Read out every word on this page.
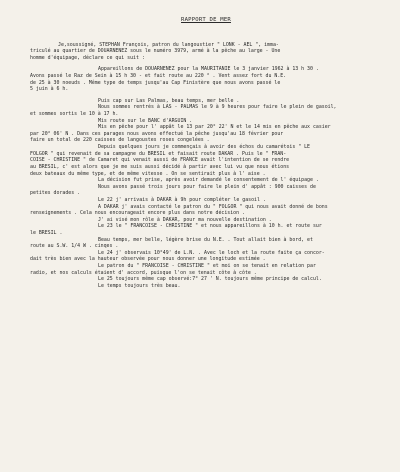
RAPPORT DE MER
Je,soussigné, STEPHAN François, patron du langoustier " LONK - AEL ", imma-
triculé au quartier de DOUARNENEZ sous le numéro 3979, armé à la pêche au large - Une
homme d'équipage, déclare ce qui suit :
Appareillons de DOUARNENEZ pour la MAURITANIE le 3 janvier 1962 à 13 h 30 .
Avons passé le Raz de Sein à 15 h 30 - et fait route au 220 ° . Vent assez fort du N.E.
de 25 à 30 noeuds . Même type de temps jusqu'au Cap Finistère que nous avons passé le
5 juin à 6 h.
Puis cap sur Las Palmas, beau temps, mer belle .
Nous sommes rentrés à LAS - PALMAS le 9 à 9 heures pour faire le plein de gasoil,
et sommes sortis le 10 à 17 h.
Mis route sur le BANC d'ARGUIN .
Mis en pêche pour l' appât le 13 par 20° 22' N et le 14 mis en pêche aux casier
par 20° 06' N . Dans ces parages nous avons effectué la pêche jusqu'au 18 février pour
faire un total de 220 caisses de langoustes roses congelées .
Depuis quelques jours je commençais à avoir des échos du camarétois " LE
FOLGOR " qui revenait de sa campagne du BRESIL et faisait route DAKAR . Puis le " FRAN-
COISE - CHRISTINE " de Camaret qui venait aussi de FRANCE avait l'intention de se rendre
au BRESIL, c' est alors que je me suis aussi décidé à partir avec lui vu que nous étions
deux bateaux du même type, et de même vitesse . On se sentirait plus à l' aise .
La décision fut prise, après avoir demandé le consentement de l' équipage .
Nous avons passé trois jours pour faire le plein d' appât : 900 caisses de
petites dorades .
Le 22 j' arrivais à DAKAR à 9h pour compléter le gasoil .
A DAKAR j' avais contacté le patron du " FOLGOR " qui nous avait donné de bons
renseignements . Cela nous encourageait encore plus dans notre décision .
J' ai visé mon rôle à DAKAR, pour ma nouvelle destination .
Le 23 le " FRANCOISE - CHRISTINE " et nous appareillons à 10 h. et route sur
le BRESIL .
Beau temps, mer belle, légère brise du N.E. . Tout allait bien à bord, et
route au S.W. 1/4 W . cinqes .
Le 24 j' observais 10°49' de L.N. . Avec le loch et la route faite ça concor-
dait très bien avec la hauteur observée pour nous donner une longitude estimée .
Le patron du " FRANCOISE - CHRISTINE " et moi on se tenait en relation par
radio, et nos calculs étaient d' accord, puisque l'on se tenait côte à côte .
Le 25 toujours même cap observé:7° 27 ' N. toujours même principe de calcul.
Le temps toujours très beau.
